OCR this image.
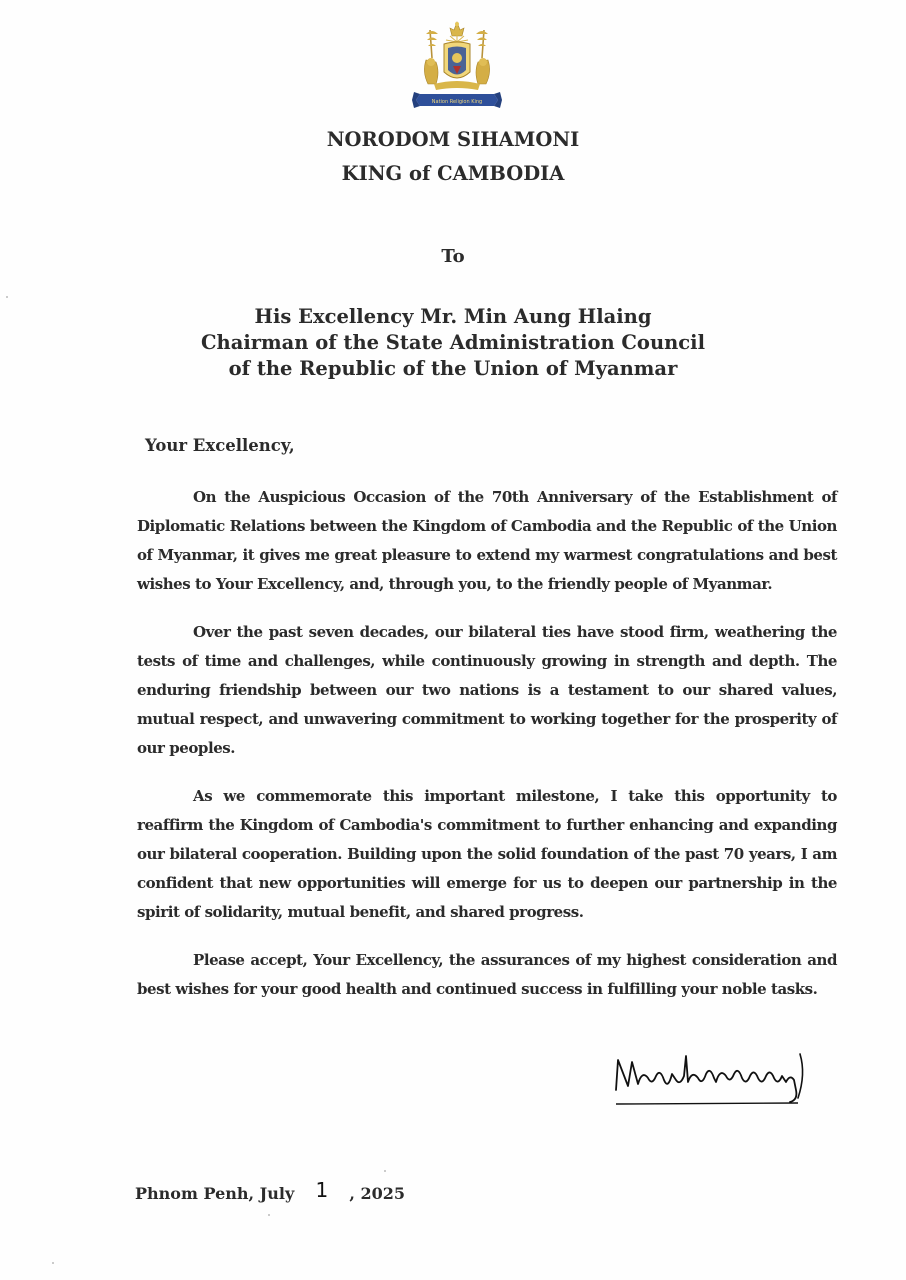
Nation Religion King
NORODOM SIHAMONI
KING of CAMBODIA
To
His Excellency Mr. Min Aung Hlaing
Chairman of the State Administration Council
of the Republic of the Union of Myanmar
Your Excellency,

On the Auspicious Occasion of the 70th Anniversary of the Establishment of Diplomatic Relations between the Kingdom of Cambodia and the Republic of the Union of Myanmar, it gives me great pleasure to extend my warmest congratulations and best wishes to Your Excellency, and, through you, to the friendly people of Myanmar.

Over the past seven decades, our bilateral ties have stood firm, weathering the tests of time and challenges, while continuously growing in strength and depth. The enduring friendship between our two nations is a testament to our shared values, mutual respect, and unwavering commitment to working together for the prosperity of our peoples.

As we commemorate this important milestone, I take this opportunity to reaffirm the Kingdom of Cambodia's commitment to further enhancing and expanding our bilateral cooperation. Building upon the solid foundation of the past 70 years, I am confident that new opportunities will emerge for us to deepen our partnership in the spirit of solidarity, mutual benefit, and shared progress.

Please accept, Your Excellency, the assurances of my highest consideration and best wishes for your good health and continued success in fulfilling your noble tasks.

Phnom Penh, July 1 , 2025
